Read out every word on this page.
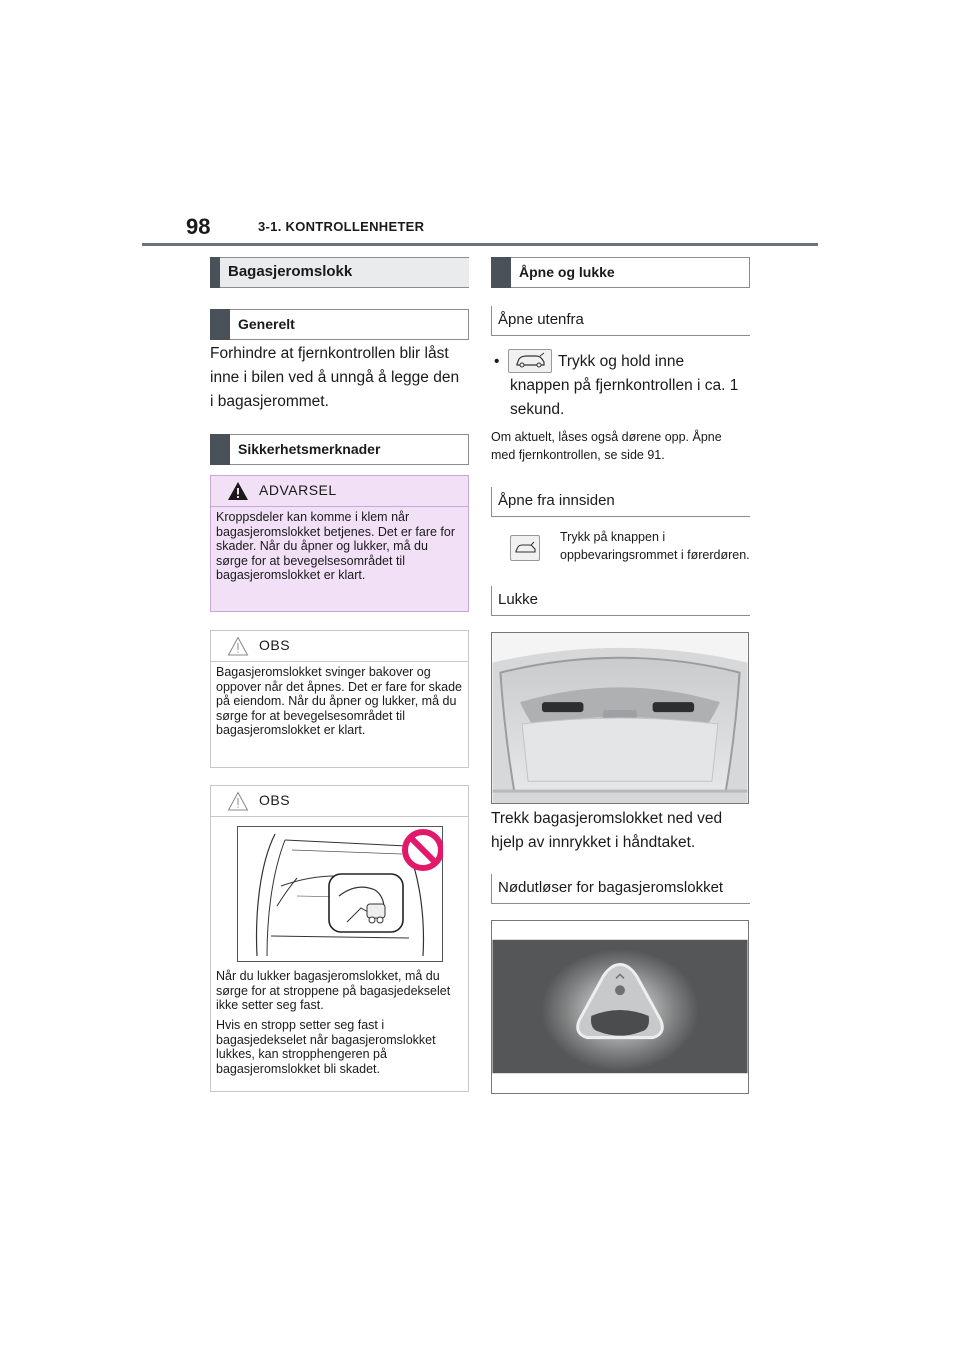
98	3-1. KONTROLLENHETER
Bagasjeromslokk
Generelt
Forhindre at fjernkontrollen blir låst inne i bilen ved å unngå å legge den i bagasjerommet.
Sikkerhetsmerknader
ADVARSEL
Kroppsdeler kan komme i klem når bagasjeromslokket betjenes. Det er fare for skader. Når du åpner og lukker, må du sørge for at bevegelsesområdet til bagasjeromslokket er klart.
OBS
Bagasjeromslokket svinger bakover og oppover når det åpnes. Det er fare for skade på eiendom. Når du åpner og lukker, må du sørge for at bevegelsesområdet til bagasjeromslokket er klart.
OBS
Når du lukker bagasjeromslokket, må du sørge for at stroppene på bagasjedekselet ikke setter seg fast.
Hvis en stropp setter seg fast i bagasjedekselet når bagasjeromslokket lukkes, kan stropphengeren på bagasjeromslokket bli skadet.
Åpne og lukke
Åpne utenfra
•	Trykk og hold inne knappen på fjernkontrollen i ca. 1 sekund.
Om aktuelt, låses også dørene opp. Åpne med fjernkontrollen, se side 91.
Åpne fra innsiden
Trykk på knappen i oppbevaringsrommet i førerdøren.
Lukke
Trekk bagasjeromslokket ned ved hjelp av innrykket i håndtaket.
Nødutløser for bagasjeromslokket
